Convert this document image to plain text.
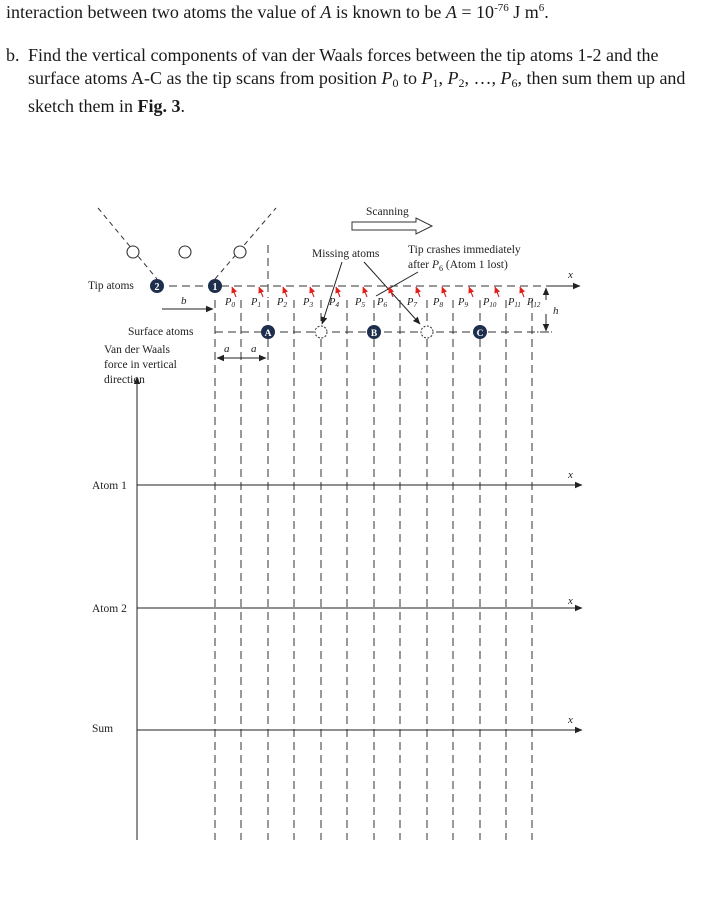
interaction between two atoms the value of A is known to be $A = 10^{-76}$ J $m^6$.
b. Find the vertical components of van der Waals forces between the tip atoms 1-2 and the surface atoms A-C as the tip scans from position $P_0$ to $P_1$, $P_2$, …, $P_6$, then sum them up and sketch them in Fig. 3.
Scanning
Missing atoms Tip crashes immediately
after $P_6$ (Atom 1 lost)
Tip atoms
x
2	1
b	P0 P1 P2 P3 P4 P5 P6 P7 P8 P9 P10 P11 P12 h
Surface atoms	A	B	C
a a
Van der Waals
force in vertical
direction
Atom 1
x
Atom 2
x
Sum
x
